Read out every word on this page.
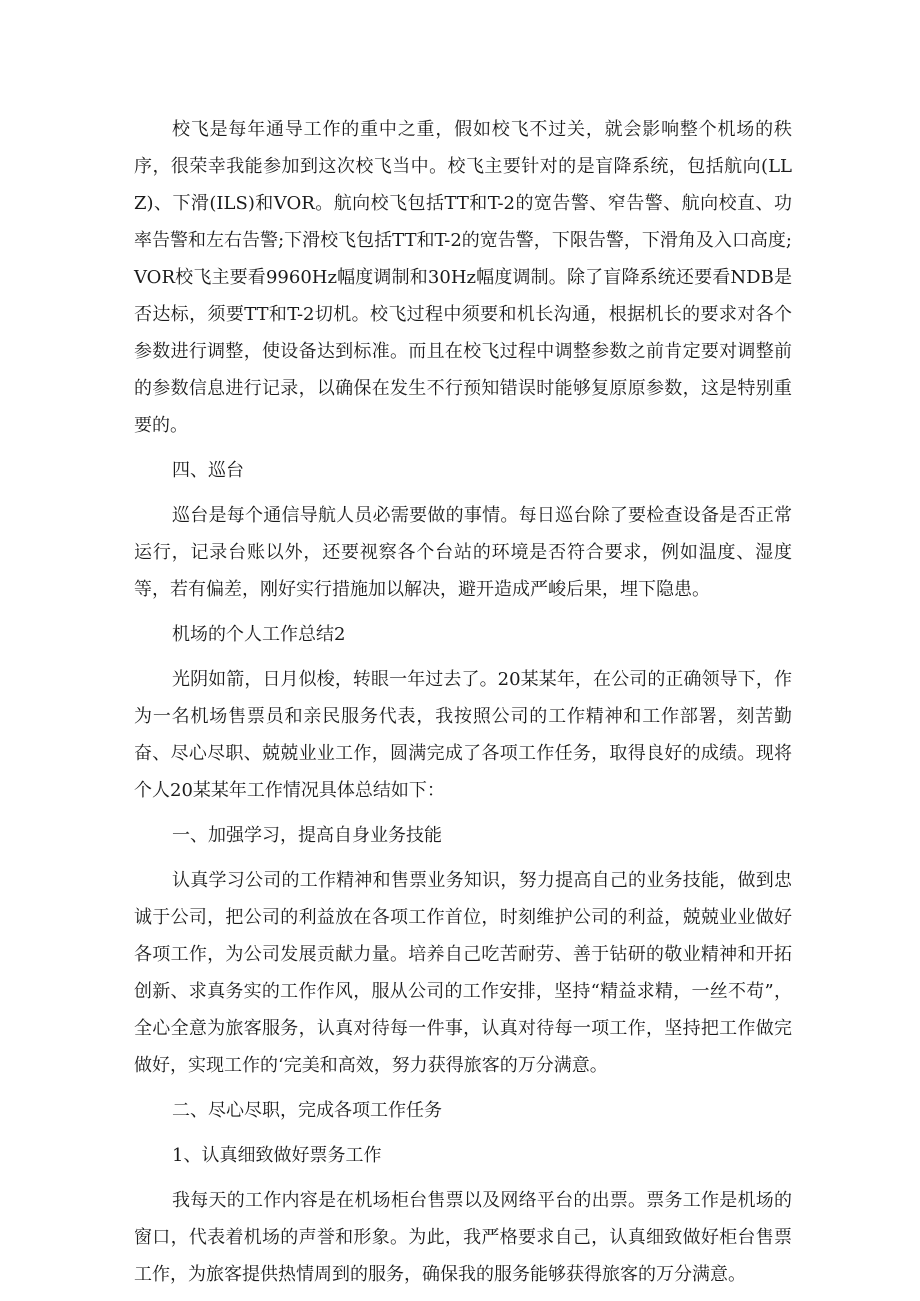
校飞是每年通导工作的重中之重，假如校飞不过关，就会影响整个机场的秩序，很荣幸我能参加到这次校飞当中。校飞主要针对的是盲降系统，包括航向(LLZ)、下滑(ILS)和VOR。航向校飞包括TT和T-2的宽告警、窄告警、航向校直、功率告警和左右告警;下滑校飞包括TT和T-2的宽告警，下限告警，下滑角及入口高度;VOR校飞主要看9960Hz幅度调制和30Hz幅度调制。除了盲降系统还要看NDB是否达标，须要TT和T-2切机。校飞过程中须要和机长沟通，根据机长的要求对各个参数进行调整，使设备达到标准。而且在校飞过程中调整参数之前肯定要对调整前的参数信息进行记录，以确保在发生不行预知错误时能够复原原参数，这是特别重要的。

四、巡台

巡台是每个通信导航人员必需要做的事情。每日巡台除了要检查设备是否正常运行，记录台账以外，还要视察各个台站的环境是否符合要求，例如温度、湿度等，若有偏差，刚好实行措施加以解决，避开造成严峻后果，埋下隐患。

机场的个人工作总结2

光阴如箭，日月似梭，转眼一年过去了。20某某年，在公司的正确领导下，作为一名机场售票员和亲民服务代表，我按照公司的工作精神和工作部署，刻苦勤奋、尽心尽职、兢兢业业工作，圆满完成了各项工作任务，取得良好的成绩。现将个人20某某年工作情况具体总结如下：

一、加强学习，提高自身业务技能

认真学习公司的工作精神和售票业务知识，努力提高自己的业务技能，做到忠诚于公司，把公司的利益放在各项工作首位，时刻维护公司的利益，兢兢业业做好各项工作，为公司发展贡献力量。培养自己吃苦耐劳、善于钻研的敬业精神和开拓创新、求真务实的工作作风，服从公司的工作安排，坚持“精益求精，一丝不苟”，全心全意为旅客服务，认真对待每一件事，认真对待每一项工作，坚持把工作做完做好，实现工作的‘完美和高效，努力获得旅客的万分满意。

二、尽心尽职，完成各项工作任务

1、认真细致做好票务工作

我每天的工作内容是在机场柜台售票以及网络平台的出票。票务工作是机场的窗口，代表着机场的声誉和形象。为此，我严格要求自己，认真细致做好柜台售票工作，为旅客提供热情周到的服务，确保我的服务能够获得旅客的万分满意。
